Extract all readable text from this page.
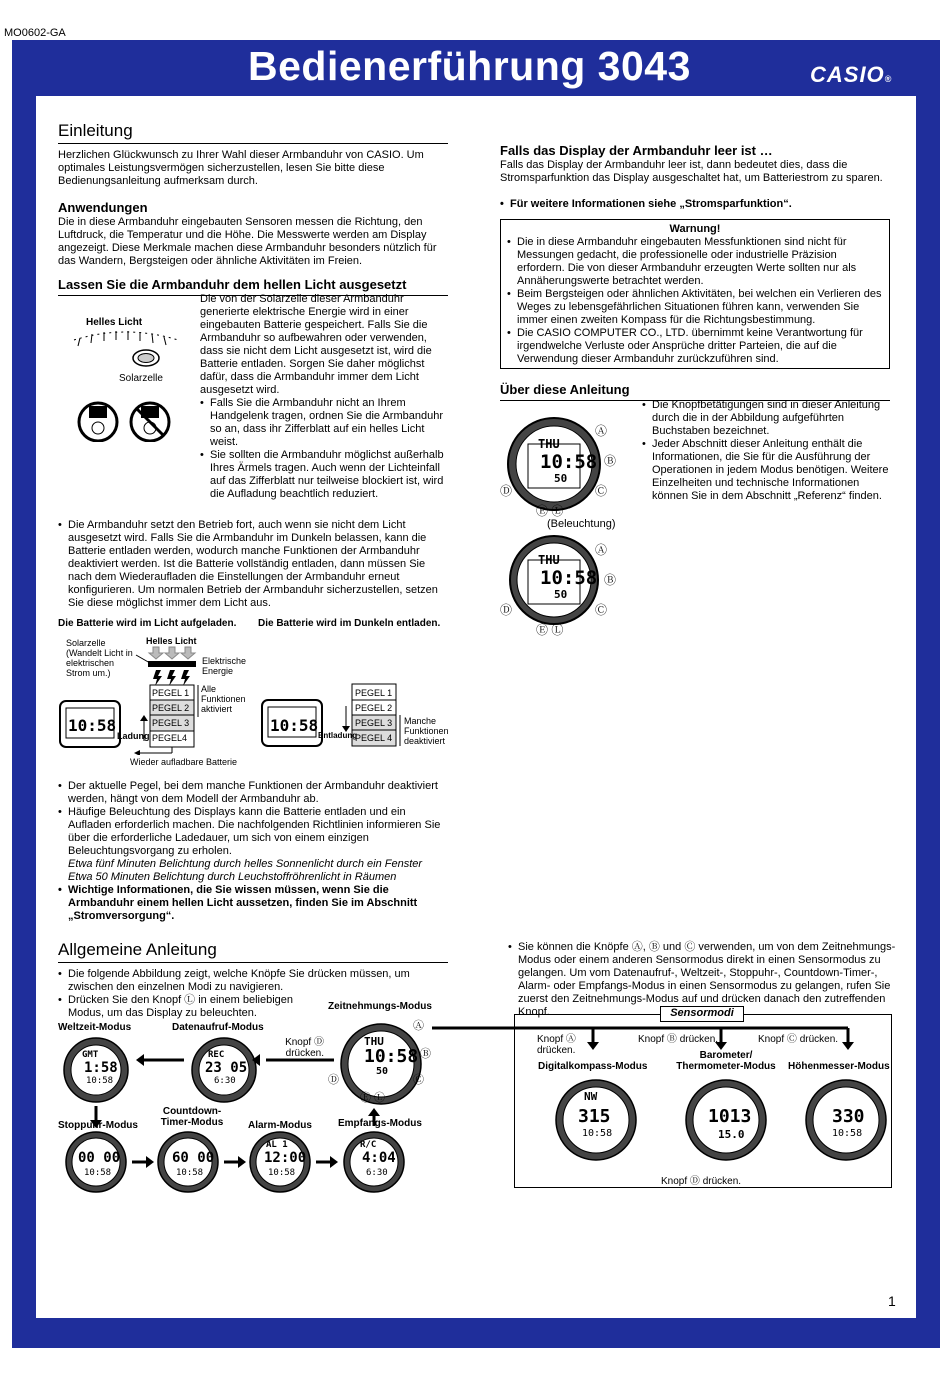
MO0602-GA
Bedienerführung 3043	CASIO®
Einleitung
Herzlichen Glückwunsch zu Ihrer Wahl dieser Armbanduhr von CASIO. Um optimales Leistungsvermögen sicherzustellen, lesen Sie bitte diese Bedienungsanleitung aufmerksam durch.
Anwendungen
Die in diese Armbanduhr eingebauten Sensoren messen die Richtung, den Luftdruck, die Temperatur und die Höhe. Die Messwerte werden am Display angezeigt. Diese Merkmale machen diese Armbanduhr besonders nützlich für das Wandern, Bergsteigen oder ähnliche Aktivitäten im Freien.
Lassen Sie die Armbanduhr dem hellen Licht ausgesetzt
Helles Licht
Solarzelle
Die von der Solarzelle dieser Armbanduhr generierte elektrische Energie wird in einer eingebauten Batterie gespeichert. Falls Sie die Armbanduhr so aufbewahren oder verwenden, dass sie nicht dem Licht ausgesetzt ist, wird die Batterie entladen. Sorgen Sie daher möglichst dafür, dass die Armbanduhr immer dem Licht ausgesetzt wird.
• Falls Sie die Armbanduhr nicht an Ihrem Handgelenk tragen, ordnen Sie die Armbanduhr so an, dass ihr Zifferblatt auf ein helles Licht weist.
• Sie sollten die Armbanduhr möglichst außerhalb Ihres Ärmels tragen. Auch wenn der Lichteinfall auf das Zifferblatt nur teilweise blockiert ist, wird die Aufladung beachtlich reduziert.
• Die Armbanduhr setzt den Betrieb fort, auch wenn sie nicht dem Licht ausgesetzt wird. Falls Sie die Armbanduhr im Dunkeln belassen, kann die Batterie entladen werden, wodurch manche Funktionen der Armbanduhr deaktiviert werden. Ist die Batterie vollständig entladen, dann müssen Sie nach dem Wiederaufladen die Einstellungen der Armbanduhr erneut konfigurieren. Um normalen Betrieb der Armbanduhr sicherzustellen, setzen Sie diese möglichst immer dem Licht aus.
Die Batterie wird im Licht aufgeladen. Die Batterie wird im Dunkeln entladen.
Solarzelle (Wandelt Licht in elektrischen Strom um.)
Helles Licht
Elektrische Energie
10:58
PEGEL 1
PEGEL 2
PEGEL 3
PEGEL4
Alle Funktionen aktiviert
Ladung
Wieder aufladbare Batterie
10:58
PEGEL 1
PEGEL 2
PEGEL 3
PEGEL 4
Entladung
Manche Funktionen deaktiviert
• Der aktuelle Pegel, bei dem manche Funktionen der Armbanduhr deaktiviert werden, hängt von dem Modell der Armbanduhr ab.
• Häufige Beleuchtung des Displays kann die Batterie entladen und ein Aufladen erforderlich machen. Die nachfolgenden Richtlinien informieren Sie über die erforderliche Ladedauer, um sich von einem einzigen Beleuchtungsvorgang zu erholen.
Etwa fünf Minuten Belichtung durch helles Sonnenlicht durch ein Fenster
Etwa 50 Minuten Belichtung durch Leuchstoffröhrenlicht in Räumen
• Wichtige Informationen, die Sie wissen müssen, wenn Sie die Armbanduhr einem hellen Licht aussetzen, finden Sie im Abschnitt „Stromversorgung“.
Falls das Display der Armbanduhr leer ist …
Falls das Display der Armbanduhr leer ist, dann bedeutet dies, dass die Stromsparfunktion das Display ausgeschaltet hat, um Batteriestrom zu sparen.
• Für weitere Informationen siehe „Stromsparfunktion“.
Warnung!
• Die in diese Armbanduhr eingebauten Messfunktionen sind nicht für Messungen gedacht, die professionelle oder industrielle Präzision erfordern. Die von dieser Armbanduhr erzeugten Werte sollten nur als Annäherungswerte betrachtet werden.
• Beim Bergsteigen oder ähnlichen Aktivitäten, bei welchen ein Verlieren des Weges zu lebensgefährlichen Situationen führen kann, verwenden Sie immer einen zweiten Kompass für die Richtungsbestimmung.
• Die CASIO COMPUTER CO., LTD. übernimmt keine Verantwortung für irgendwelche Verluste oder Ansprüche dritter Parteien, die auf die Verwendung dieser Armbanduhr zurückzuführen sind.
Über diese Anleitung
• Die Knopfbetätigungen sind in dieser Anleitung durch die in der Abbildung aufgeführten Buchstaben bezeichnet.
• Jeder Abschnitt dieser Anleitung enthält die Informationen, die Sie für die Ausführung der Operationen in jedem Modus benötigen. Weitere Einzelheiten und technische Informationen können Sie in dem Abschnitt „Referenz“ finden.
THU
10:58
50
Ⓐ
Ⓑ
Ⓒ
Ⓓ
Ⓔ Ⓛ
(Beleuchtung)
THU
10:58
50
Ⓐ
Ⓑ
Ⓒ
Ⓓ
Ⓔ Ⓛ
Allgemeine Anleitung
• Die folgende Abbildung zeigt, welche Knöpfe Sie drücken müssen, um zwischen den einzelnen Modi zu navigieren.
• Drücken Sie den Knopf Ⓛ in einem beliebigen Modus, um das Display zu beleuchten.
• Sie können die Knöpfe Ⓐ, Ⓑ und Ⓒ verwenden, um von dem Zeitnehmungs-Modus oder einem anderen Sensormodus direkt in einen Sensormodus zu gelangen. Um vom Datenaufruf-, Weltzeit-, Stoppuhr-, Countdown-Timer-, Alarm- oder Empfangs-Modus in einen Sensormodus zu gelangen, rufen Sie zuerst den Zeitnehmungs-Modus auf und drücken danach den zutreffenden Knopf.	Sensormodi
Zeitnehmungs-Modus
Weltzeit-Modus	Datenaufruf-Modus
Knopf Ⓓ drücken.
Stoppuhr-Modus
Countdown-Timer-Modus	Alarm-Modus	Empfangs-Modus
Knopf Ⓐ drücken.
Knopf Ⓑ drücken.	Knopf Ⓒ drücken.
Digitalkompass-Modus
Barometer/ Thermometer-Modus Höhenmesser-Modus
Knopf Ⓓ drücken.
GMT
1:58
10:58
REC
23 05
6:30
THU
10:58
50
Ⓐ
Ⓑ
Ⓒ
Ⓓ
Ⓔ Ⓛ
00 00
10:58
60 00
10:58
AL 1
12:00
10:58
R/C
4:04
6:30
NW
315
10:58
1013
15.0
330
10:58
1
